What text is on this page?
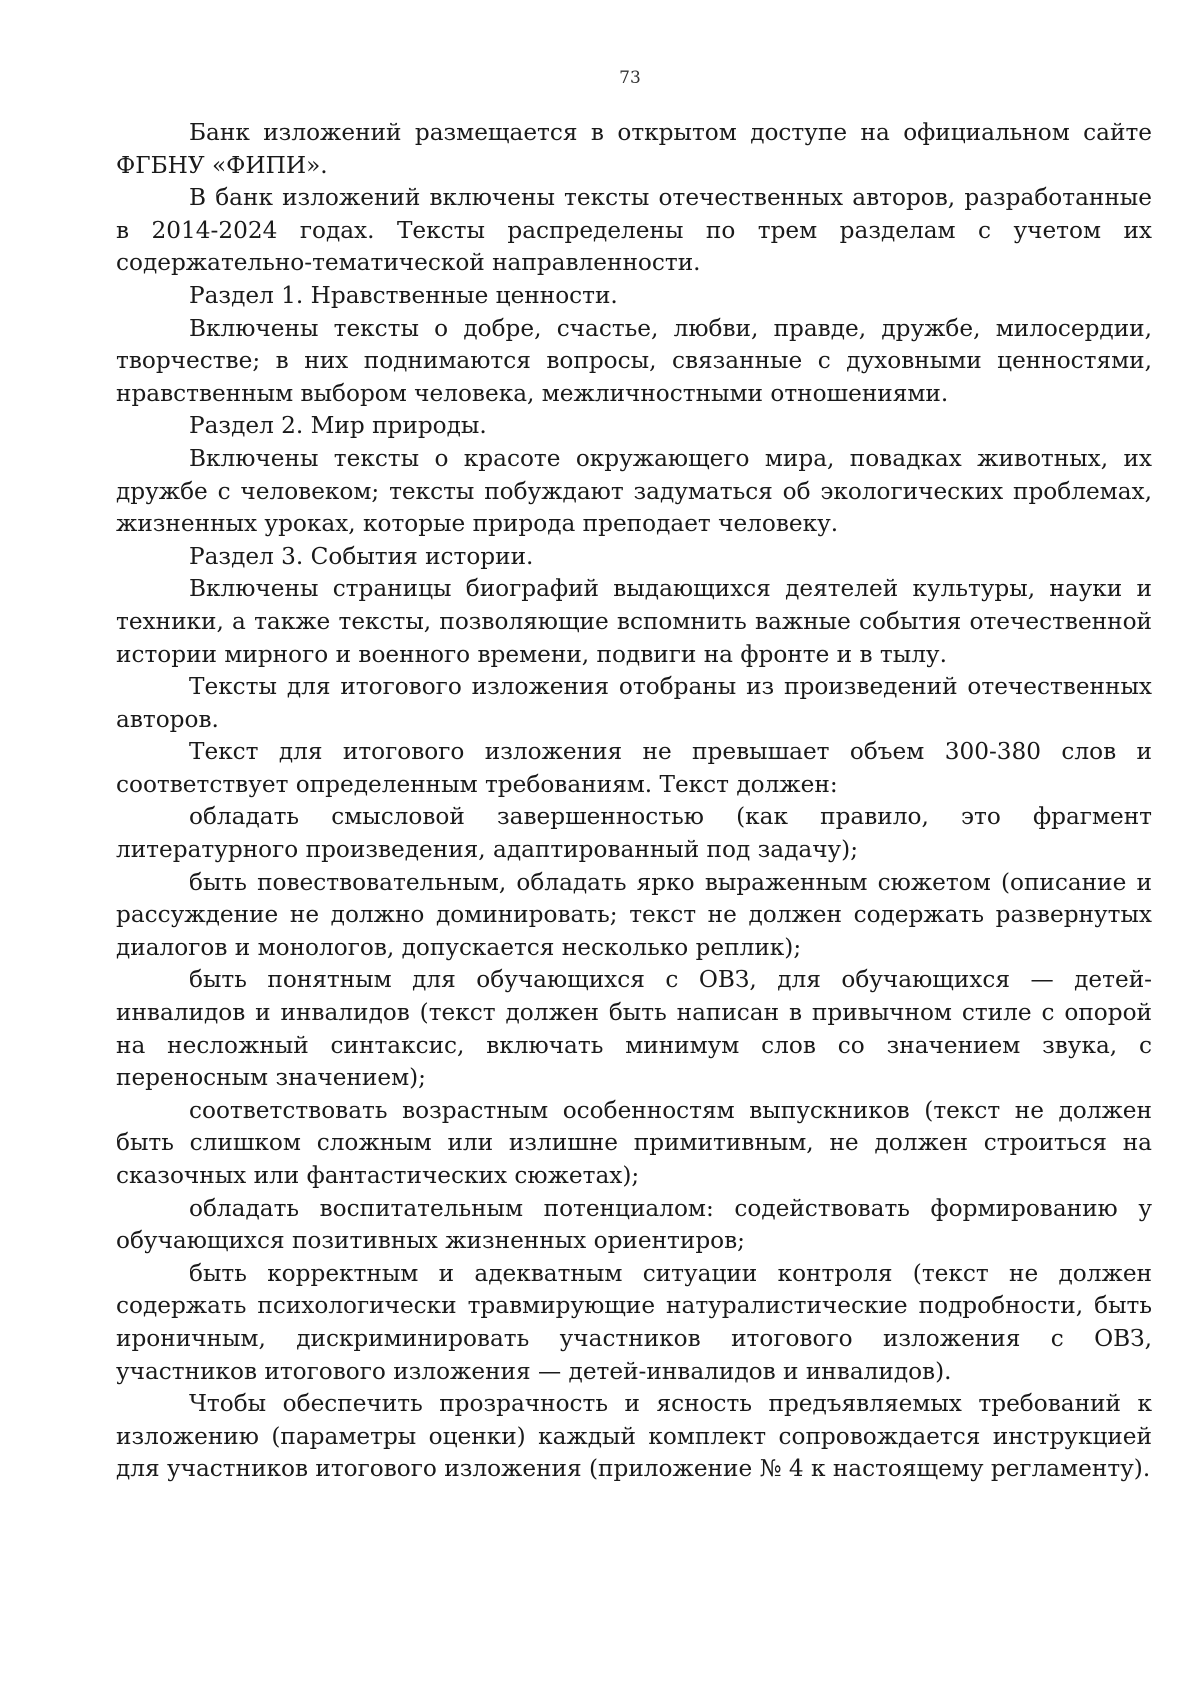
73

Банк изложений размещается в открытом доступе на официальном сайте ФГБНУ «ФИПИ».

В банк изложений включены тексты отечественных авторов, разработанные в 2014-2024 годах. Тексты распределены по трем разделам с учетом их содержательно-тематической направленности.

Раздел 1. Нравственные ценности.

Включены тексты о добре, счастье, любви, правде, дружбе, милосердии, творчестве; в них поднимаются вопросы, связанные с духовными ценностями, нравственным выбором человека, межличностными отношениями.

Раздел 2. Мир природы.

Включены тексты о красоте окружающего мира, повадках животных, их дружбе с человеком; тексты побуждают задуматься об экологических проблемах, жизненных уроках, которые природа преподает человеку.

Раздел 3. События истории.

Включены страницы биографий выдающихся деятелей культуры, науки и техники, а также тексты, позволяющие вспомнить важные события отечественной истории мирного и военного времени, подвиги на фронте и в тылу.

Тексты для итогового изложения отобраны из произведений отечественных авторов.

Текст для итогового изложения не превышает объем 300-380 слов и соответствует определенным требованиям. Текст должен:

обладать смысловой завершенностью (как правило, это фрагмент литературного произведения, адаптированный под задачу);

быть повествовательным, обладать ярко выраженным сюжетом (описание и рассуждение не должно доминировать; текст не должен содержать развернутых диалогов и монологов, допускается несколько реплик);

быть понятным для обучающихся с ОВЗ, для обучающихся — детей-инвалидов и инвалидов (текст должен быть написан в привычном стиле с опорой на несложный синтаксис, включать минимум слов со значением звука, с переносным значением);

соответствовать возрастным особенностям выпускников (текст не должен быть слишком сложным или излишне примитивным, не должен строиться на сказочных или фантастических сюжетах);

обладать воспитательным потенциалом: содействовать формированию у обучающихся позитивных жизненных ориентиров;

быть корректным и адекватным ситуации контроля (текст не должен содержать психологически травмирующие натуралистические подробности, быть ироничным, дискриминировать участников итогового изложения с ОВЗ, участников итогового изложения — детей-инвалидов и инвалидов).

Чтобы обеспечить прозрачность и ясность предъявляемых требований к изложению (параметры оценки) каждый комплект сопровождается инструкцией для участников итогового изложения (приложение № 4 к настоящему регламенту).
